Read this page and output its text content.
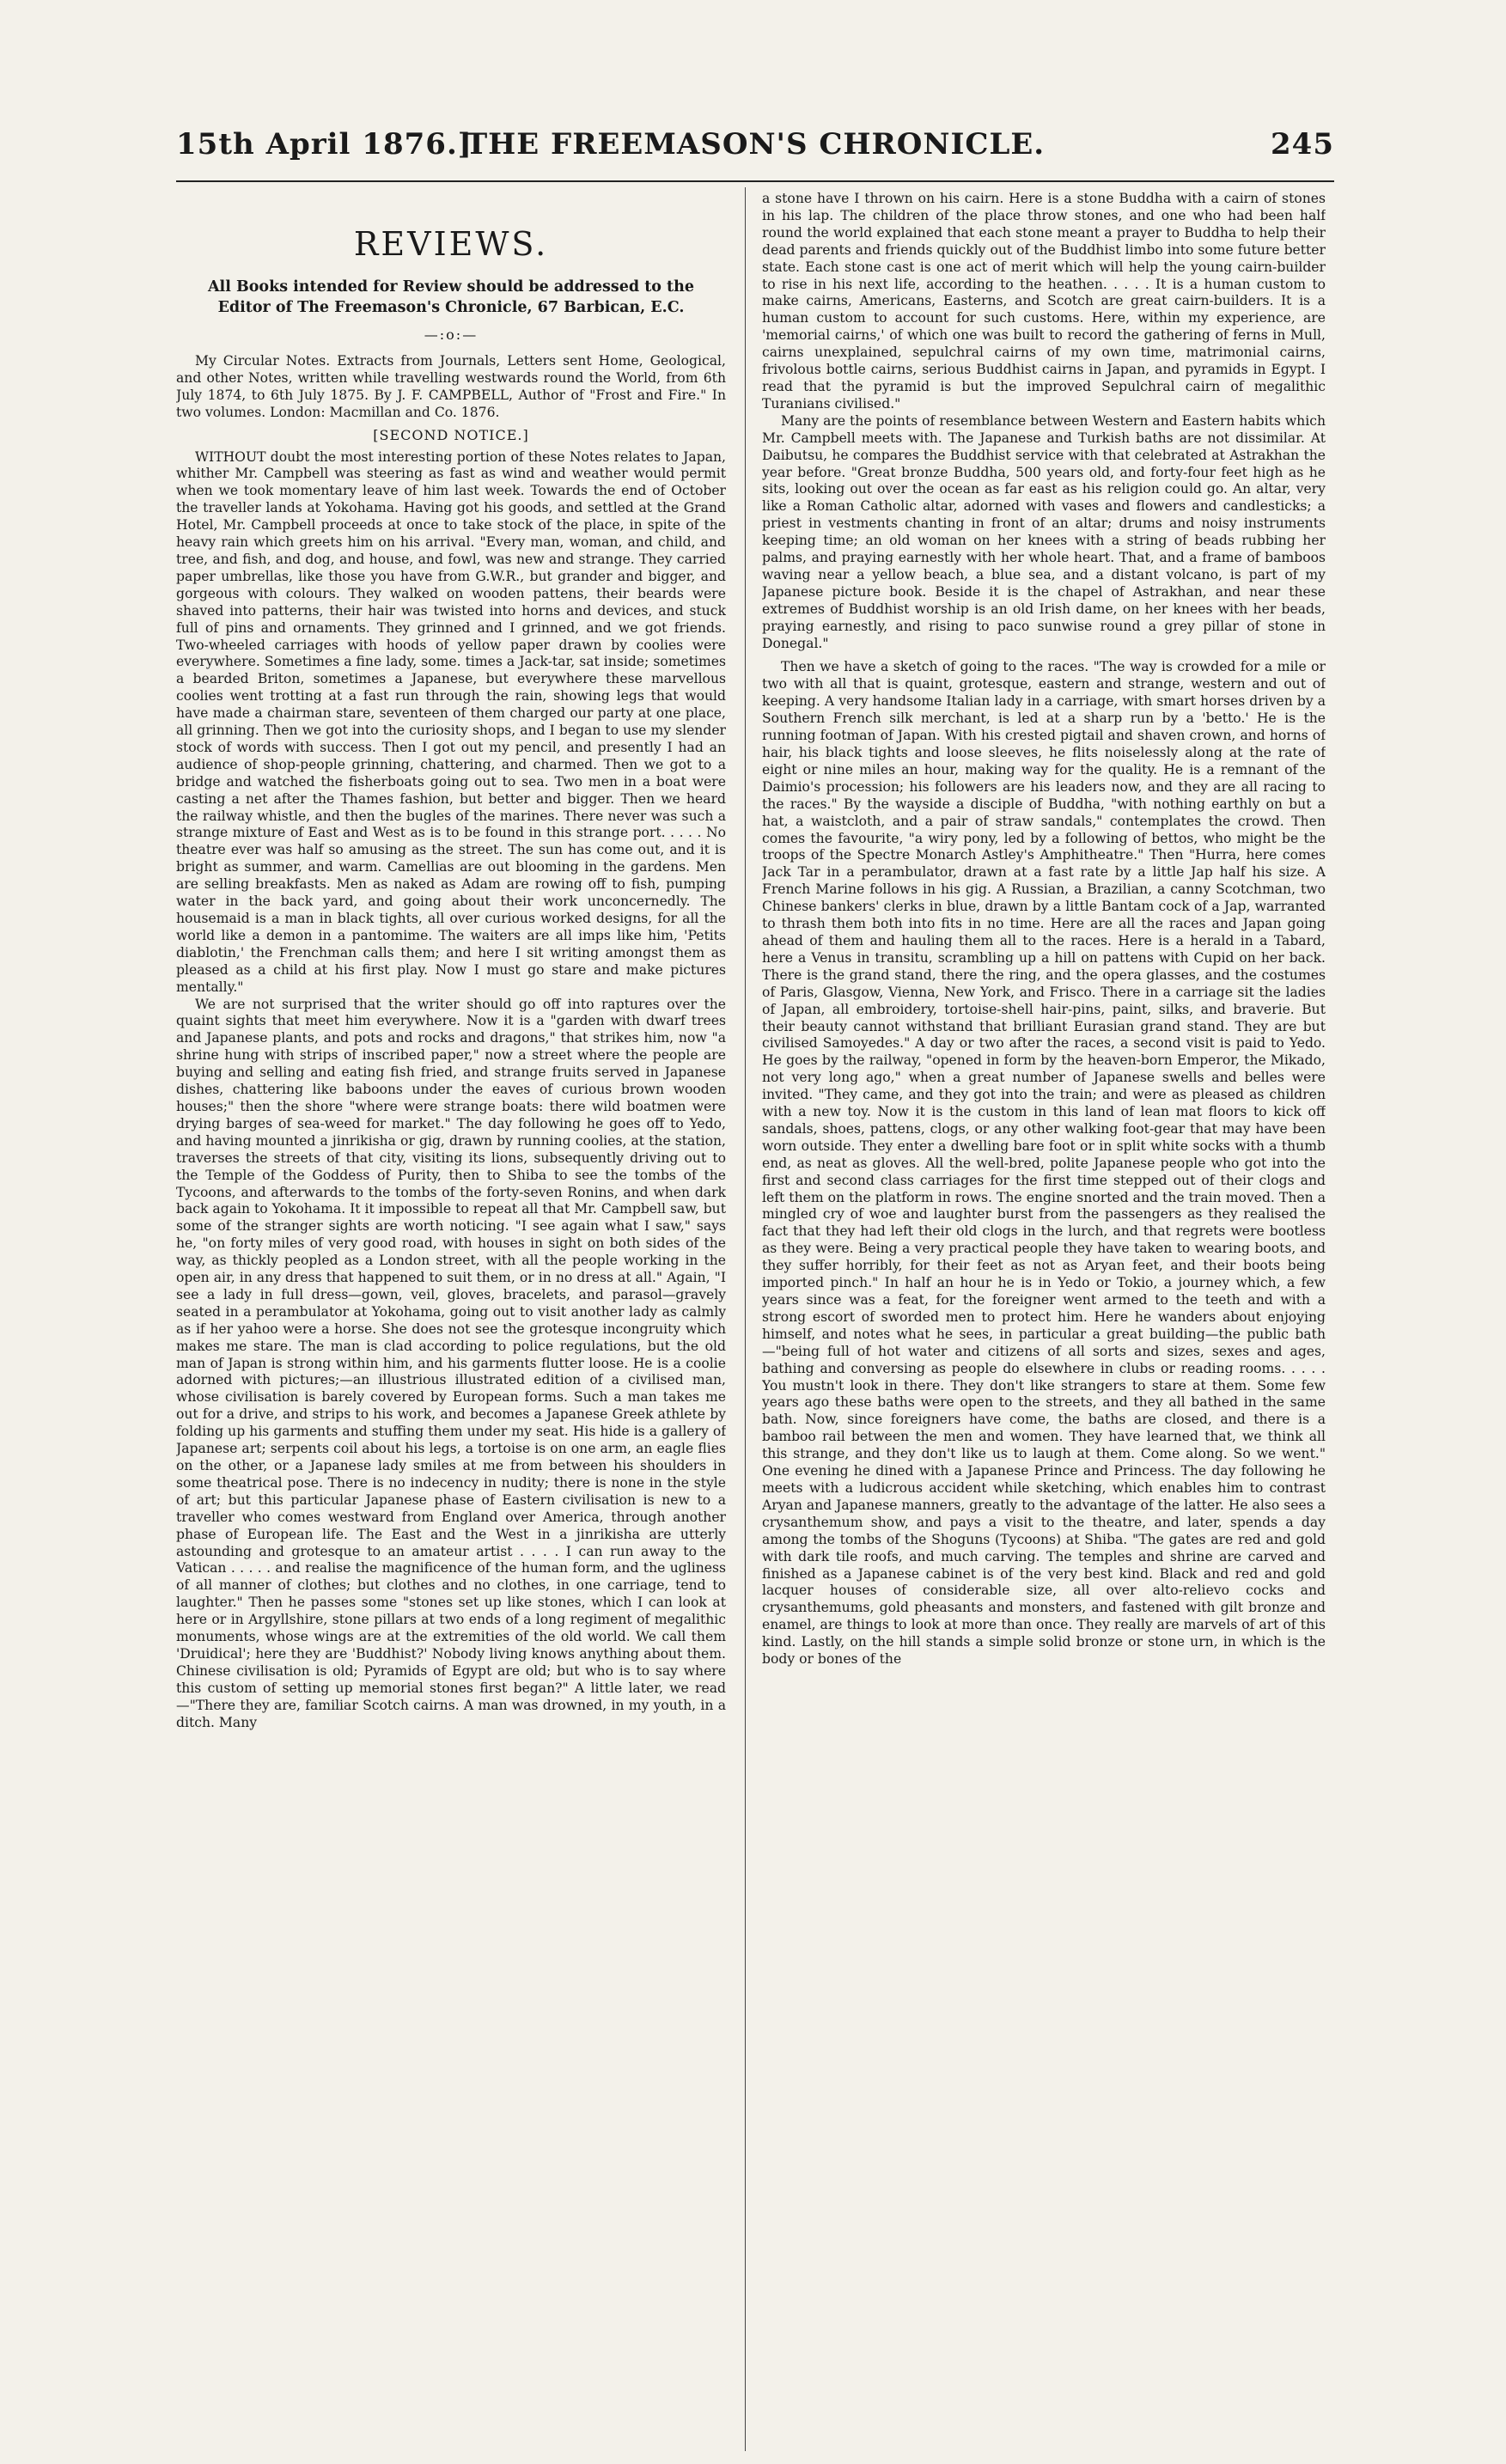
15th April 1876.]
THE FREEMASON'S CHRONICLE.	245
REVIEWS.
All Books intended for Review should be addressed to the Editor of The Freemason's Chronicle, 67 Barbican, E.C.
—:o:—

My Circular Notes. Extracts from Journals, Letters sent Home, Geological, and other Notes, written while travelling westwards round the World, from 6th July 1874, to 6th July 1875. By J. F. CAMPBELL, Author of "Frost and Fire." In two volumes. London: Macmillan and Co. 1876.

[SECOND NOTICE.]

WITHOUT doubt the most interesting portion of these Notes relates to Japan, whither Mr. Campbell was steering as fast as wind and weather would permit when we took momentary leave of him last week. Towards the end of October the traveller lands at Yokohama. Having got his goods, and settled at the Grand Hotel, Mr. Campbell proceeds at once to take stock of the place, in spite of the heavy rain which greets him on his arrival. "Every man, woman, and child, and tree, and fish, and dog, and house, and fowl, was new and strange. They carried paper umbrellas, like those you have from G.W.R., but grander and bigger, and gorgeous with colours. They walked on wooden pattens, their beards were shaved into patterns, their hair was twisted into horns and devices, and stuck full of pins and ornaments. They grinned and I grinned, and we got friends. Two-wheeled carriages with hoods of yellow paper drawn by coolies were everywhere. Sometimes a fine lady, some. times a Jack-tar, sat inside; sometimes a bearded Briton, sometimes a Japanese, but everywhere these marvellous coolies went trotting at a fast run through the rain, showing legs that would have made a chairman stare, seventeen of them charged our party at one place, all grinning. Then we got into the curiosity shops, and I began to use my slender stock of words with success. Then I got out my pencil, and presently I had an audience of shop-people grinning, chattering, and charmed. Then we got to a bridge and watched the fisherboats going out to sea. Two men in a boat were casting a net after the Thames fashion, but better and bigger. Then we heard the railway whistle, and then the bugles of the marines. There never was such a strange mixture of East and West as is to be found in this strange port. . . . . No theatre ever was half so amusing as the street. The sun has come out, and it is bright as summer, and warm. Camellias are out blooming in the gardens. Men are selling breakfasts. Men as naked as Adam are rowing off to fish, pumping water in the back yard, and going about their work unconcernedly. The housemaid is a man in black tights, all over curious worked designs, for all the world like a demon in a pantomime. The waiters are all imps like him, 'Petits diablotin,' the Frenchman calls them; and here I sit writing amongst them as pleased as a child at his first play. Now I must go stare and make pictures mentally."

We are not surprised that the writer should go off into raptures over the quaint sights that meet him everywhere. Now it is a "garden with dwarf trees and Japanese plants, and pots and rocks and dragons," that strikes him, now "a shrine hung with strips of inscribed paper," now a street where the people are buying and selling and eating fish fried, and strange fruits served in Japanese dishes, chattering like baboons under the eaves of curious brown wooden houses;" then the shore "where were strange boats: there wild boatmen were drying barges of sea-weed for market." The day following he goes off to Yedo, and having mounted a jinrikisha or gig, drawn by running coolies, at the station, traverses the streets of that city, visiting its lions, subsequently driving out to the Temple of the Goddess of Purity, then to Shiba to see the tombs of the Tycoons, and afterwards to the tombs of the forty-seven Ronins, and when dark back again to Yokohama. It it impossible to repeat all that Mr. Campbell saw, but some of the stranger sights are worth noticing. "I see again what I saw," says he, "on forty miles of very good road, with houses in sight on both sides of the way, as thickly peopled as a London street, with all the people working in the open air, in any dress that happened to suit them, or in no dress at all." Again, "I see a lady in full dress—gown, veil, gloves, bracelets, and parasol—gravely seated in a perambulator at Yokohama, going out to visit another lady as calmly as if her yahoo were a horse. She does not see the grotesque incongruity which makes me stare. The man is clad according to police regulations, but the old man of Japan is strong within him, and his garments flutter loose. He is a coolie adorned with pictures;—an illustrious illustrated edition of a civilised man, whose civilisation is barely covered by European forms. Such a man takes me out for a drive, and strips to his work, and becomes a Japanese Greek athlete by folding up his garments and stuffing them under my seat. His hide is a gallery of Japanese art; serpents coil about his legs, a tortoise is on one arm, an eagle flies on the other, or a Japanese lady smiles at me from between his shoulders in some theatrical pose. There is no indecency in nudity; there is none in the style of art; but this particular Japanese phase of Eastern civilisation is new to a traveller who comes westward from England over America, through another phase of European life. The East and the West in a jinrikisha are utterly astounding and grotesque to an amateur artist . . . . I can run away to the Vatican . . . . . and realise the magnificence of the human form, and the ugliness of all manner of clothes; but clothes and no clothes, in one carriage, tend to laughter." Then he passes some "stones set up like stones, which I can look at here or in Argyllshire, stone pillars at two ends of a long regiment of megalithic monuments, whose wings are at the extremities of the old world. We call them 'Druidical'; here they are 'Buddhist?' Nobody living knows anything about them. Chinese civilisation is old; Pyramids of Egypt are old; but who is to say where this custom of setting up memorial stones first began?" A little later, we read—"There they are, familiar Scotch cairns. A man was drowned, in my youth, in a ditch. Many

a stone have I thrown on his cairn. Here is a stone Buddha with a cairn of stones in his lap. The children of the place throw stones, and one who had been half round the world explained that each stone meant a prayer to Buddha to help their dead parents and friends quickly out of the Buddhist limbo into some future better state. Each stone cast is one act of merit which will help the young cairn-builder to rise in his next life, according to the heathen. . . . . It is a human custom to make cairns, Americans, Easterns, and Scotch are great cairn-builders. It is a human custom to account for such customs. Here, within my experience, are 'memorial cairns,' of which one was built to record the gathering of ferns in Mull, cairns unexplained, sepulchral cairns of my own time, matrimonial cairns, frivolous bottle cairns, serious Buddhist cairns in Japan, and pyramids in Egypt. I read that the pyramid is but the improved Sepulchral cairn of megalithic Turanians civilised."

Many are the points of resemblance between Western and Eastern habits which Mr. Campbell meets with. The Japanese and Turkish baths are not dissimilar. At Daibutsu, he compares the Buddhist service with that celebrated at Astrakhan the year before. "Great bronze Buddha, 500 years old, and forty-four feet high as he sits, looking out over the ocean as far east as his religion could go. An altar, very like a Roman Catholic altar, adorned with vases and flowers and candlesticks; a priest in vestments chanting in front of an altar; drums and noisy instruments keeping time; an old woman on her knees with a string of beads rubbing her palms, and praying earnestly with her whole heart. That, and a frame of bamboos waving near a yellow beach, a blue sea, and a distant volcano, is part of my Japanese picture book. Beside it is the chapel of Astrakhan, and near these extremes of Buddhist worship is an old Irish dame, on her knees with her beads, praying earnestly, and rising to paco sunwise round a grey pillar of stone in Donegal."

Then we have a sketch of going to the races. "The way is crowded for a mile or two with all that is quaint, grotesque, eastern and strange, western and out of keeping. A very handsome Italian lady in a carriage, with smart horses driven by a Southern French silk merchant, is led at a sharp run by a 'betto.' He is the running footman of Japan. With his crested pigtail and shaven crown, and horns of hair, his black tights and loose sleeves, he flits noiselessly along at the rate of eight or nine miles an hour, making way for the quality. He is a remnant of the Daimio's procession; his followers are his leaders now, and they are all racing to the races." By the wayside a disciple of Buddha, "with nothing earthly on but a hat, a waistcloth, and a pair of straw sandals," contemplates the crowd. Then comes the favourite, "a wiry pony, led by a following of bettos, who might be the troops of the Spectre Monarch Astley's Amphitheatre." Then "Hurra, here comes Jack Tar in a perambulator, drawn at a fast rate by a little Jap half his size. A French Marine follows in his gig. A Russian, a Brazilian, a canny Scotchman, two Chinese bankers' clerks in blue, drawn by a little Bantam cock of a Jap, warranted to thrash them both into fits in no time. Here are all the races and Japan going ahead of them and hauling them all to the races. Here is a herald in a Tabard, here a Venus in transitu, scrambling up a hill on pattens with Cupid on her back. There is the grand stand, there the ring, and the opera glasses, and the costumes of Paris, Glasgow, Vienna, New York, and Frisco. There in a carriage sit the ladies of Japan, all embroidery, tortoise-shell hair-pins, paint, silks, and braverie. But their beauty cannot withstand that brilliant Eurasian grand stand. They are but civilised Samoyedes." A day or two after the races, a second visit is paid to Yedo. He goes by the railway, "opened in form by the heaven-born Emperor, the Mikado, not very long ago," when a great number of Japanese swells and belles were invited. "They came, and they got into the train; and were as pleased as children with a new toy. Now it is the custom in this land of lean mat floors to kick off sandals, shoes, pattens, clogs, or any other walking foot-gear that may have been worn outside. They enter a dwelling bare foot or in split white socks with a thumb end, as neat as gloves. All the well-bred, polite Japanese people who got into the first and second class carriages for the first time stepped out of their clogs and left them on the platform in rows. The engine snorted and the train moved. Then a mingled cry of woe and laughter burst from the passengers as they realised the fact that they had left their old clogs in the lurch, and that regrets were bootless as they were. Being a very practical people they have taken to wearing boots, and they suffer horribly, for their feet as not as Aryan feet, and their boots being imported pinch." In half an hour he is in Yedo or Tokio, a journey which, a few years since was a feat, for the foreigner went armed to the teeth and with a strong escort of sworded men to protect him. Here he wanders about enjoying himself, and notes what he sees, in particular a great building—the public bath—"being full of hot water and citizens of all sorts and sizes, sexes and ages, bathing and conversing as people do elsewhere in clubs or reading rooms. . . . . You mustn't look in there. They don't like strangers to stare at them. Some few years ago these baths were open to the streets, and they all bathed in the same bath. Now, since foreigners have come, the baths are closed, and there is a bamboo rail between the men and women. They have learned that, we think all this strange, and they don't like us to laugh at them. Come along. So we went." One evening he dined with a Japanese Prince and Princess. The day following he meets with a ludicrous accident while sketching, which enables him to contrast Aryan and Japanese manners, greatly to the advantage of the latter. He also sees a crysanthemum show, and pays a visit to the theatre, and later, spends a day among the tombs of the Shoguns (Tycoons) at Shiba. "The gates are red and gold with dark tile roofs, and much carving. The temples and shrine are carved and finished as a Japanese cabinet is of the very best kind. Black and red and gold lacquer houses of considerable size, all over alto-relievo cocks and crysanthemums, gold pheasants and monsters, and fastened with gilt bronze and enamel, are things to look at more than once. They really are marvels of art of this kind. Lastly, on the hill stands a simple solid bronze or stone urn, in which is the body or bones of the
